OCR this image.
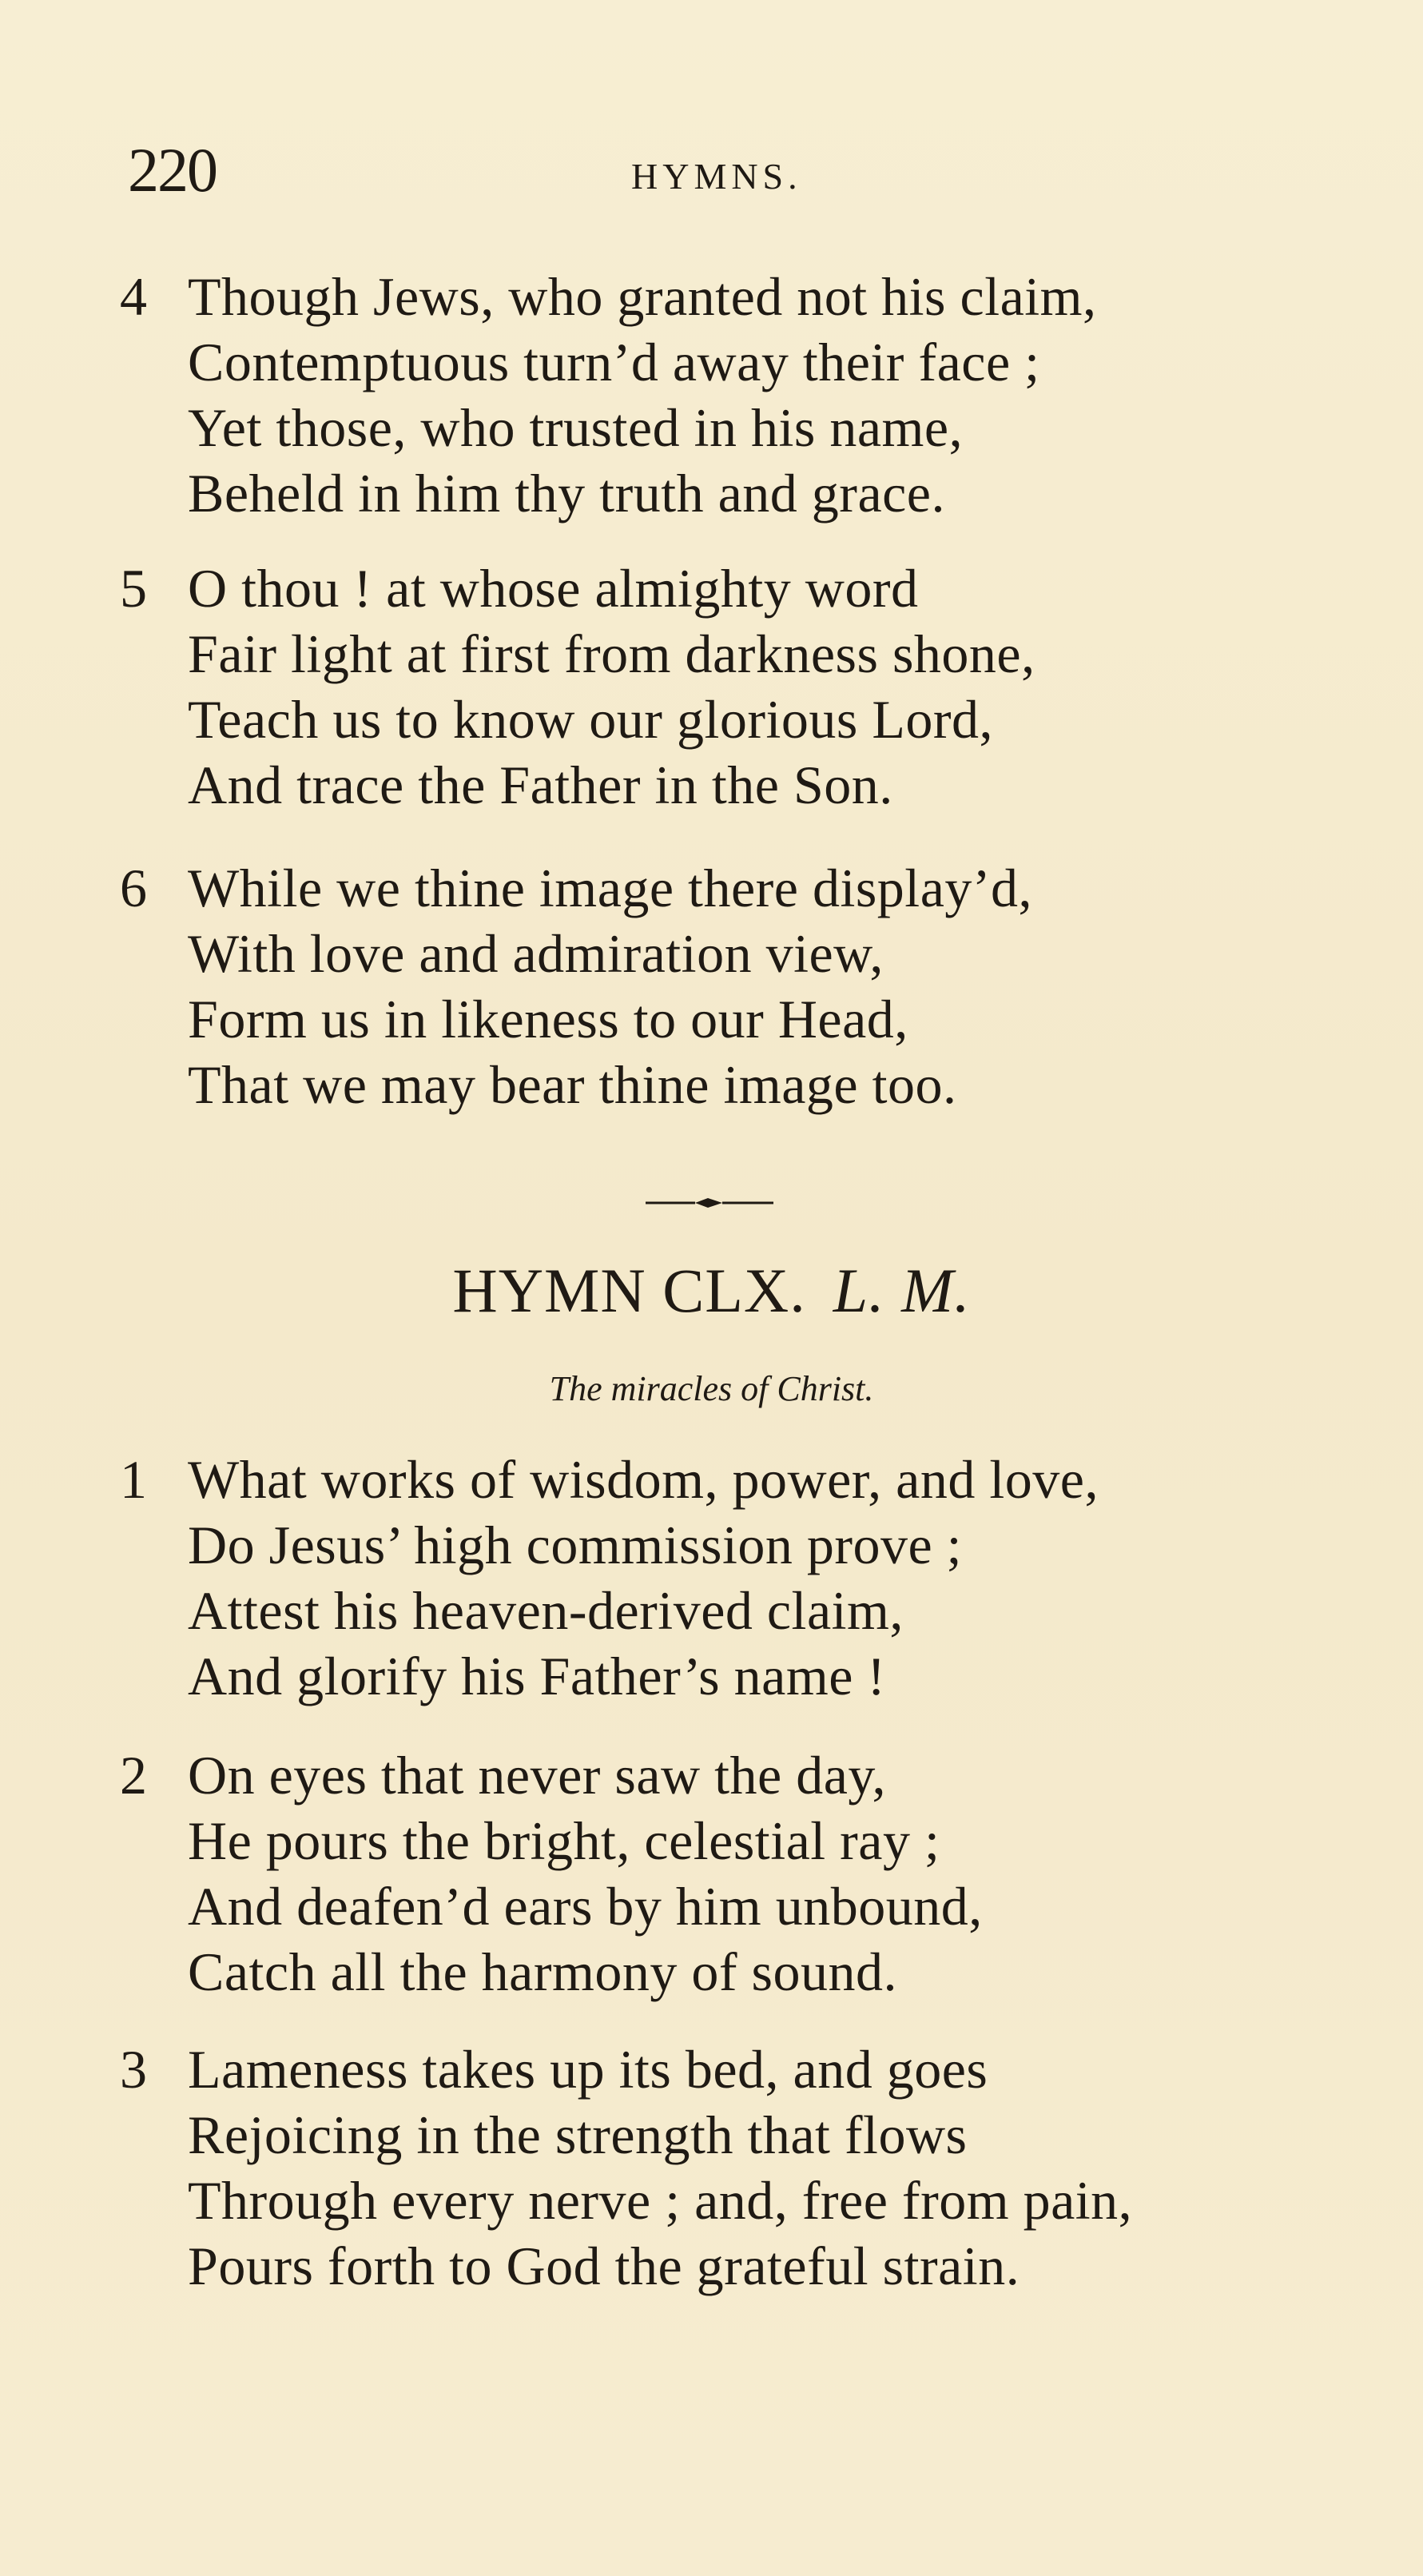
220	HYMNS.
4 Though Jews, who granted not his claim,
Contemptuous turn’d away their face ;
Yet those, who trusted in his name,
Beheld in him thy truth and grace.
5 O thou ! at whose almighty word
Fair light at first from darkness shone,
Teach us to know our glorious Lord,
And trace the Father in the Son.
6 While we thine image there display’d,
With love and admiration view,
Form us in likeness to our Head,
That we may bear thine image too.
HYMN CLX. L. M.
The miracles of Christ.
1 What works of wisdom, power, and love,
Do Jesus’ high commission prove ;
Attest his heaven-derived claim,
And glorify his Father’s name !
2 On eyes that never saw the day,
He pours the bright, celestial ray ;
And deafen’d ears by him unbound,
Catch all the harmony of sound.
3 Lameness takes up its bed, and goes
Rejoicing in the strength that flows
Through every nerve ; and, free from pain,
Pours forth to God the grateful strain.
